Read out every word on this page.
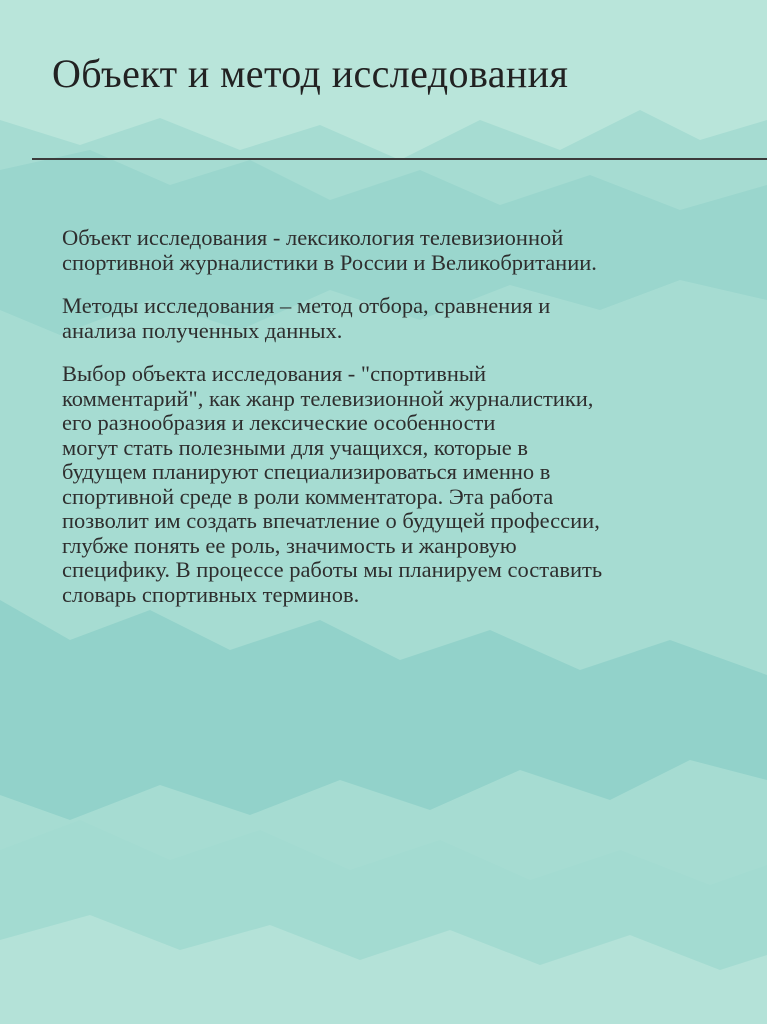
Объект и метод исследования

Объект исследования - лексикология телевизионной
спортивной журналистики в России и Великобритании.

Методы исследования – метод отбора, сравнения и
анализа полученных данных.

Выбор объекта исследования - "спортивный
комментарий", как жанр телевизионной журналистики,
его разнообразия и лексические особенности
могут стать полезными для учащихся, которые в
будущем планируют специализироваться именно в
спортивной среде в роли комментатора. Эта работа
позволит им создать впечатление о будущей профессии,
глубже понять ее роль, значимость и жанровую
специфику. В процессе работы мы планируем составить
словарь спортивных терминов.
